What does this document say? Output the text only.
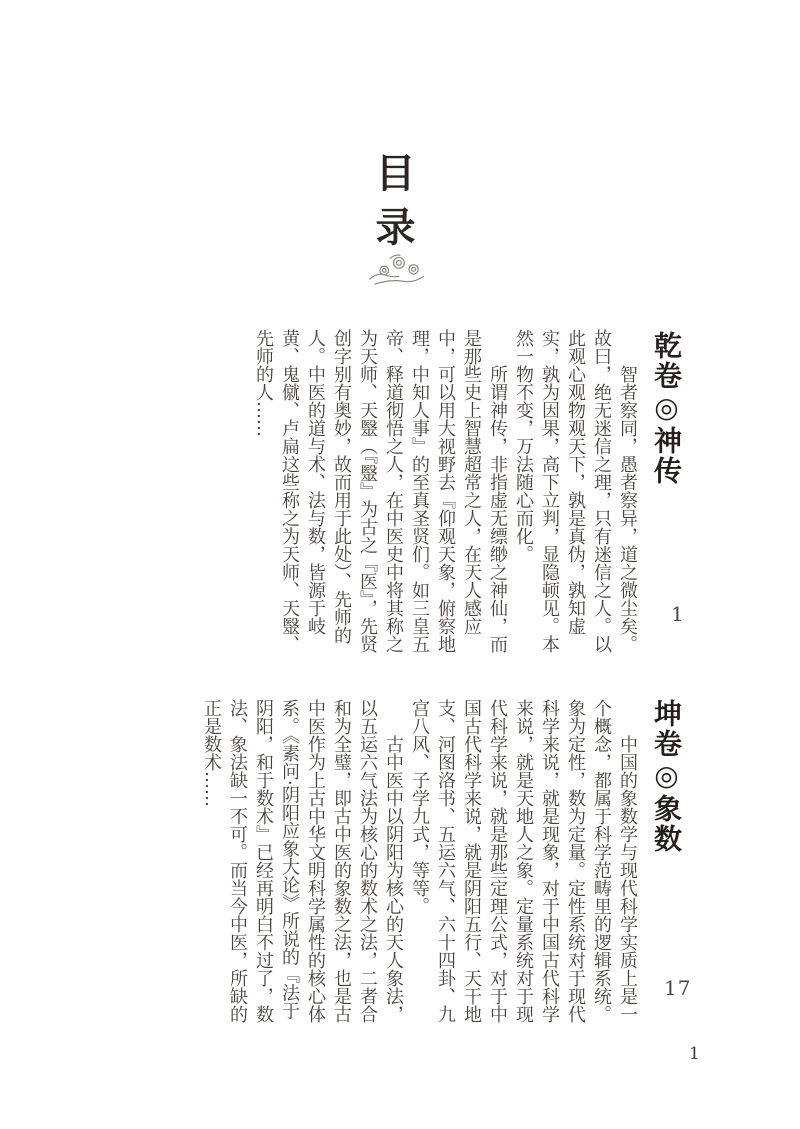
目录
乾卷◎神传
1

智者察同，愚者察异，道之微尘矣。故曰，绝无迷信之理，只有迷信之人。以此观心观物观天下，孰是真伪，孰知虚实，孰为因果，高下立判，显隐顿见。本然一物不变，万法随心而化。

所谓神传，非指虚无缥缈之神仙，而是那些史上智慧超常之人，在天人感应中，可以用大视野去『仰观天象，俯察地理，中知人事』的至真圣贤们。如三皇五帝、释道彻悟之人，在中医史中将其称之为天师、天毉（『毉』为古之『医』，先贤创字别有奥妙，故而用于此处）、先师的人。中医的道与术、法与数，皆源于岐黄、鬼僦、卢扁这些称之为天师、天毉、先师的人……

坤卷◎象数
17

中国的象数学与现代科学实质上是一个概念，都属于科学范畴里的逻辑系统。象为定性，数为定量。定性系统对于现代科学来说，就是现象，对于中国古代科学来说，就是天地人之象。定量系统对于现代科学来说，就是那些定理公式，对于中国古代科学来说，就是阴阳五行、天干地支、河图洛书、五运六气、六十四卦、九宫八风、子学九式，等等。

古中医中以阴阳为核心的天人象法，以五运六气法为核心的数术之法，二者合和为全璧，即古中医的象数之法，也是古中医作为上古中华文明科学属性的核心体系。《素问·阴阳应象大论》所说的『法于阴阳，和于数术』已经再明白不过了，数法、象法缺一不可。而当今中医，所缺的正是数术……

1
